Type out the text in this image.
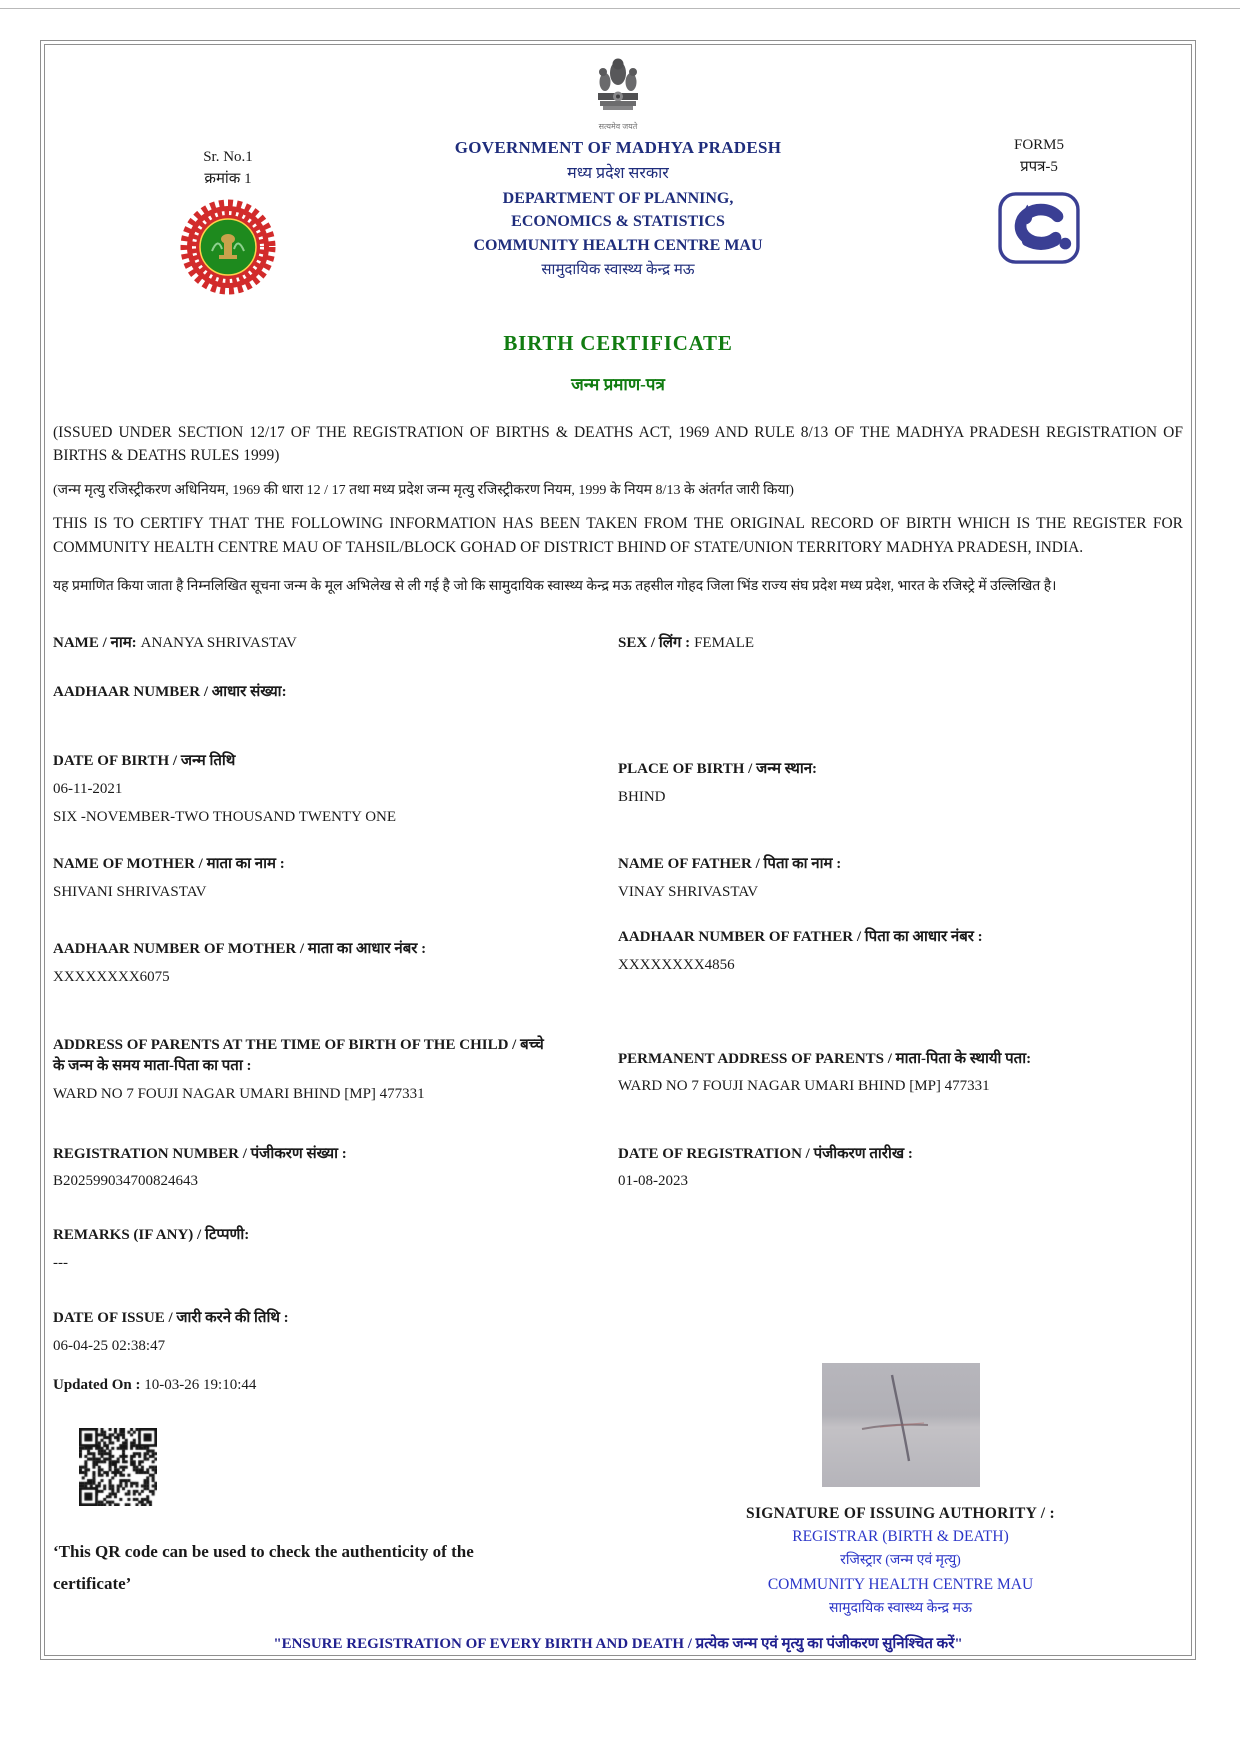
Sr. No.1
क्रमांक 1
सत्यमेव जयते
GOVERNMENT OF MADHYA PRADESH
मध्य प्रदेश सरकार
DEPARTMENT OF PLANNING, ECONOMICS & STATISTICS
COMMUNITY HEALTH CENTRE MAU
सामुदायिक स्वास्थ्य केन्द्र मऊ
FORM5
प्रपत्र-5
BIRTH CERTIFICATE
जन्म प्रमाण-पत्र
(ISSUED UNDER SECTION 12/17 OF THE REGISTRATION OF BIRTHS & DEATHS ACT, 1969 AND RULE 8/13 OF THE MADHYA PRADESH REGISTRATION OF BIRTHS & DEATHS RULES 1999)
(जन्म मृत्यु रजिस्ट्रीकरण अधिनियम, 1969 की धारा 12 / 17 तथा मध्य प्रदेश जन्म मृत्यु रजिस्ट्रीकरण नियम, 1999 के नियम 8/13 के अंतर्गत जारी किया)
THIS IS TO CERTIFY THAT THE FOLLOWING INFORMATION HAS BEEN TAKEN FROM THE ORIGINAL RECORD OF BIRTH WHICH IS THE REGISTER FOR COMMUNITY HEALTH CENTRE MAU OF TAHSIL/BLOCK GOHAD OF DISTRICT BHIND OF STATE/UNION TERRITORY MADHYA PRADESH, INDIA.
यह प्रमाणित किया जाता है निम्नलिखित सूचना जन्म के मूल अभिलेख से ली गई है जो कि सामुदायिक स्वास्थ्य केन्द्र मऊ तहसील गोहद जिला भिंड राज्य संघ प्रदेश मध्य प्रदेश, भारत के रजिस्ट्रे में उल्लिखित है।
NAME / नाम: ANANYA SHRIVASTAV	SEX / लिंग : FEMALE
AADHAAR NUMBER / आधार संख्या:
DATE OF BIRTH / जन्म तिथि
06-11-2021
SIX -NOVEMBER-TWO THOUSAND TWENTY ONE
PLACE OF BIRTH / जन्म स्थान:
BHIND
NAME OF MOTHER / माता का नाम :
SHIVANI SHRIVASTAV
NAME OF FATHER / पिता का नाम :
VINAY SHRIVASTAV
AADHAAR NUMBER OF MOTHER / माता का आधार नंबर :
XXXXXXXX6075
AADHAAR NUMBER OF FATHER / पिता का आधार नंबर :
XXXXXXXX4856
ADDRESS OF PARENTS AT THE TIME OF BIRTH OF THE CHILD / बच्चे के जन्म के समय माता-पिता का पता :
WARD NO 7 FOUJI NAGAR UMARI BHIND [MP] 477331
PERMANENT ADDRESS OF PARENTS / माता-पिता के स्थायी पता:
WARD NO 7 FOUJI NAGAR UMARI BHIND [MP] 477331
REGISTRATION NUMBER / पंजीकरण संख्या :
B202599034700824643
DATE OF REGISTRATION / पंजीकरण तारीख :
01-08-2023
REMARKS (IF ANY) / टिप्पणी:
---
DATE OF ISSUE / जारी करने की तिथि :
06-04-25 02:38:47
Updated On : 10-03-26 19:10:44
‘This QR code can be used to check the authenticity of the certificate’
SIGNATURE OF ISSUING AUTHORITY / :
REGISTRAR (BIRTH & DEATH)
रजिस्ट्रार (जन्म एवं मृत्यु)
COMMUNITY HEALTH CENTRE MAU
सामुदायिक स्वास्थ्य केन्द्र मऊ
"ENSURE REGISTRATION OF EVERY BIRTH AND DEATH / प्रत्येक जन्म एवं मृत्यु का पंजीकरण सुनिश्चित करें"
